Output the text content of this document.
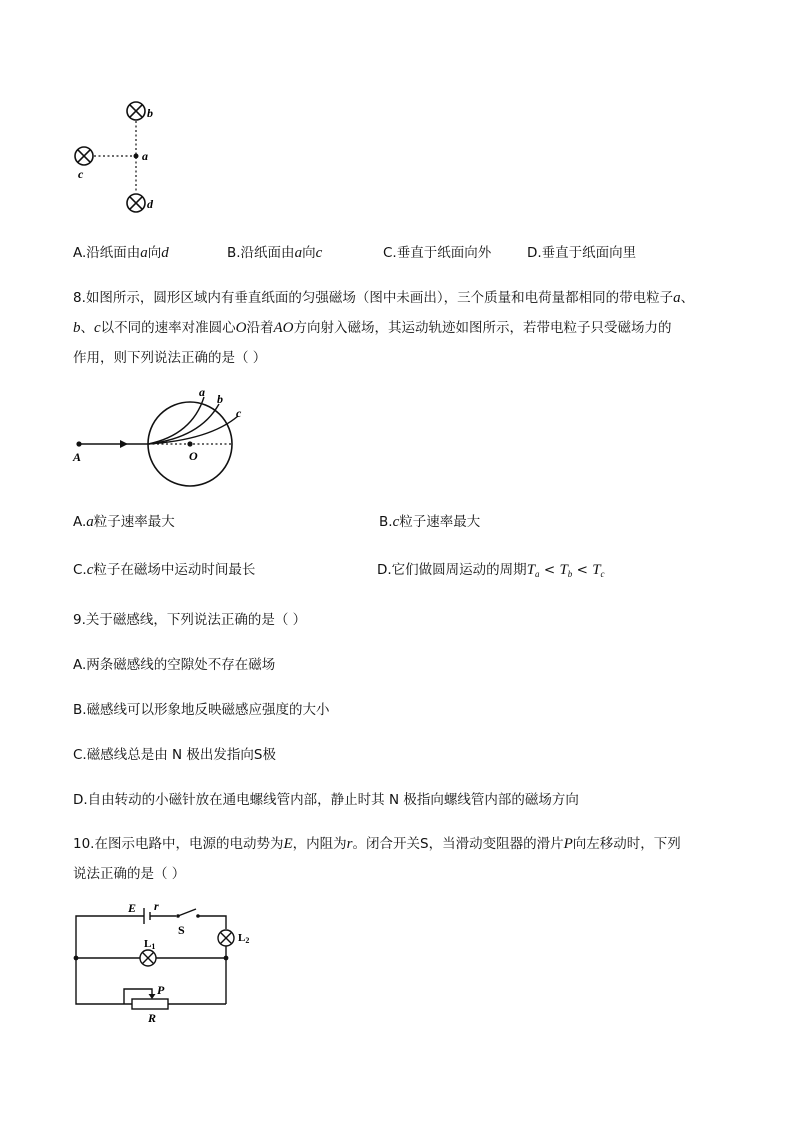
b
a
c
d
A.沿纸面由a向d	B.沿纸面由a向c	C.垂直于纸面向外	D.垂直于纸面向里
8.如图所示，圆形区域内有垂直纸面的匀强磁场（图中未画出），三个质量和电荷量都相同的带电粒子a、
b、c以不同的速率对准圆心O沿着AO方向射入磁场，其运动轨迹如图所示，若带电粒子只受磁场力的
作用，则下列说法正确的是（ ）
a b
c
A	O
A.a粒子速率最大	B.c粒子速率最大
C.c粒子在磁场中运动时间最长	D.它们做圆周运动的周期$T_a < T_b < T_c$
9.关于磁感线，下列说法正确的是（ ）
A.两条磁感线的空隙处不存在磁场
B.磁感线可以形象地反映磁感应强度的大小
C.磁感线总是由 N 极出发指向S极
D.自由转动的小磁针放在通电螺线管内部，静止时其 N 极指向螺线管内部的磁场方向
10.在图示电路中，电源的电动势为E，内阻为r。闭合开关S，当滑动变阻器的滑片P向左移动时，下列
说法正确的是（ ）
E r
S
L1
L2
P
R
